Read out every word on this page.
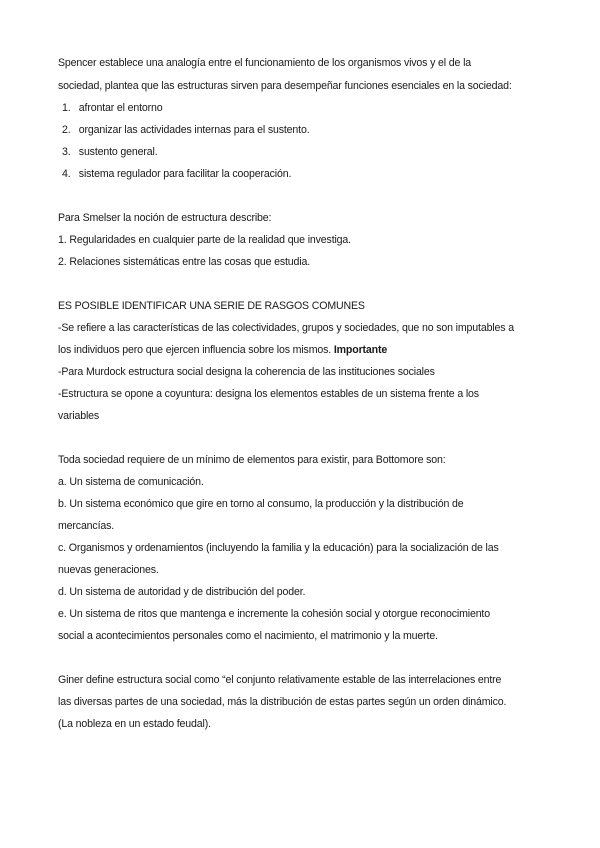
Spencer establece una analogía entre el funcionamiento de los organismos vivos y el de la
sociedad, plantea que las estructuras sirven para desempeñar funciones esenciales en la sociedad:
1. afrontar el entorno
2. organizar las actividades internas para el sustento.
3. sustento general.
4. sistema regulador para facilitar la cooperación.
Para Smelser la noción de estructura describe:
1. Regularidades en cualquier parte de la realidad que investiga.
2. Relaciones sistemáticas entre las cosas que estudia.
ES POSIBLE IDENTIFICAR UNA SERIE DE RASGOS COMUNES
-Se refiere a las características de las colectividades, grupos y sociedades, que no son imputables a
los individuos pero que ejercen influencia sobre los mismos. Importante
-Para Murdock estructura social designa la coherencia de las instituciones sociales
-Estructura se opone a coyuntura: designa los elementos estables de un sistema frente a los
variables
Toda sociedad requiere de un mínimo de elementos para existir, para Bottomore son:
a. Un sistema de comunicación.
b. Un sistema económico que gire en torno al consumo, la producción y la distribución de
mercancías.
c. Organismos y ordenamientos (incluyendo la familia y la educación) para la socialización de las
nuevas generaciones.
d. Un sistema de autoridad y de distribución del poder.
e. Un sistema de ritos que mantenga e incremente la cohesión social y otorgue reconocimiento
social a acontecimientos personales como el nacimiento, el matrimonio y la muerte.
Giner define estructura social como “el conjunto relativamente estable de las interrelaciones entre
las diversas partes de una sociedad, más la distribución de estas partes según un orden dinámico.
(La nobleza en un estado feudal).
